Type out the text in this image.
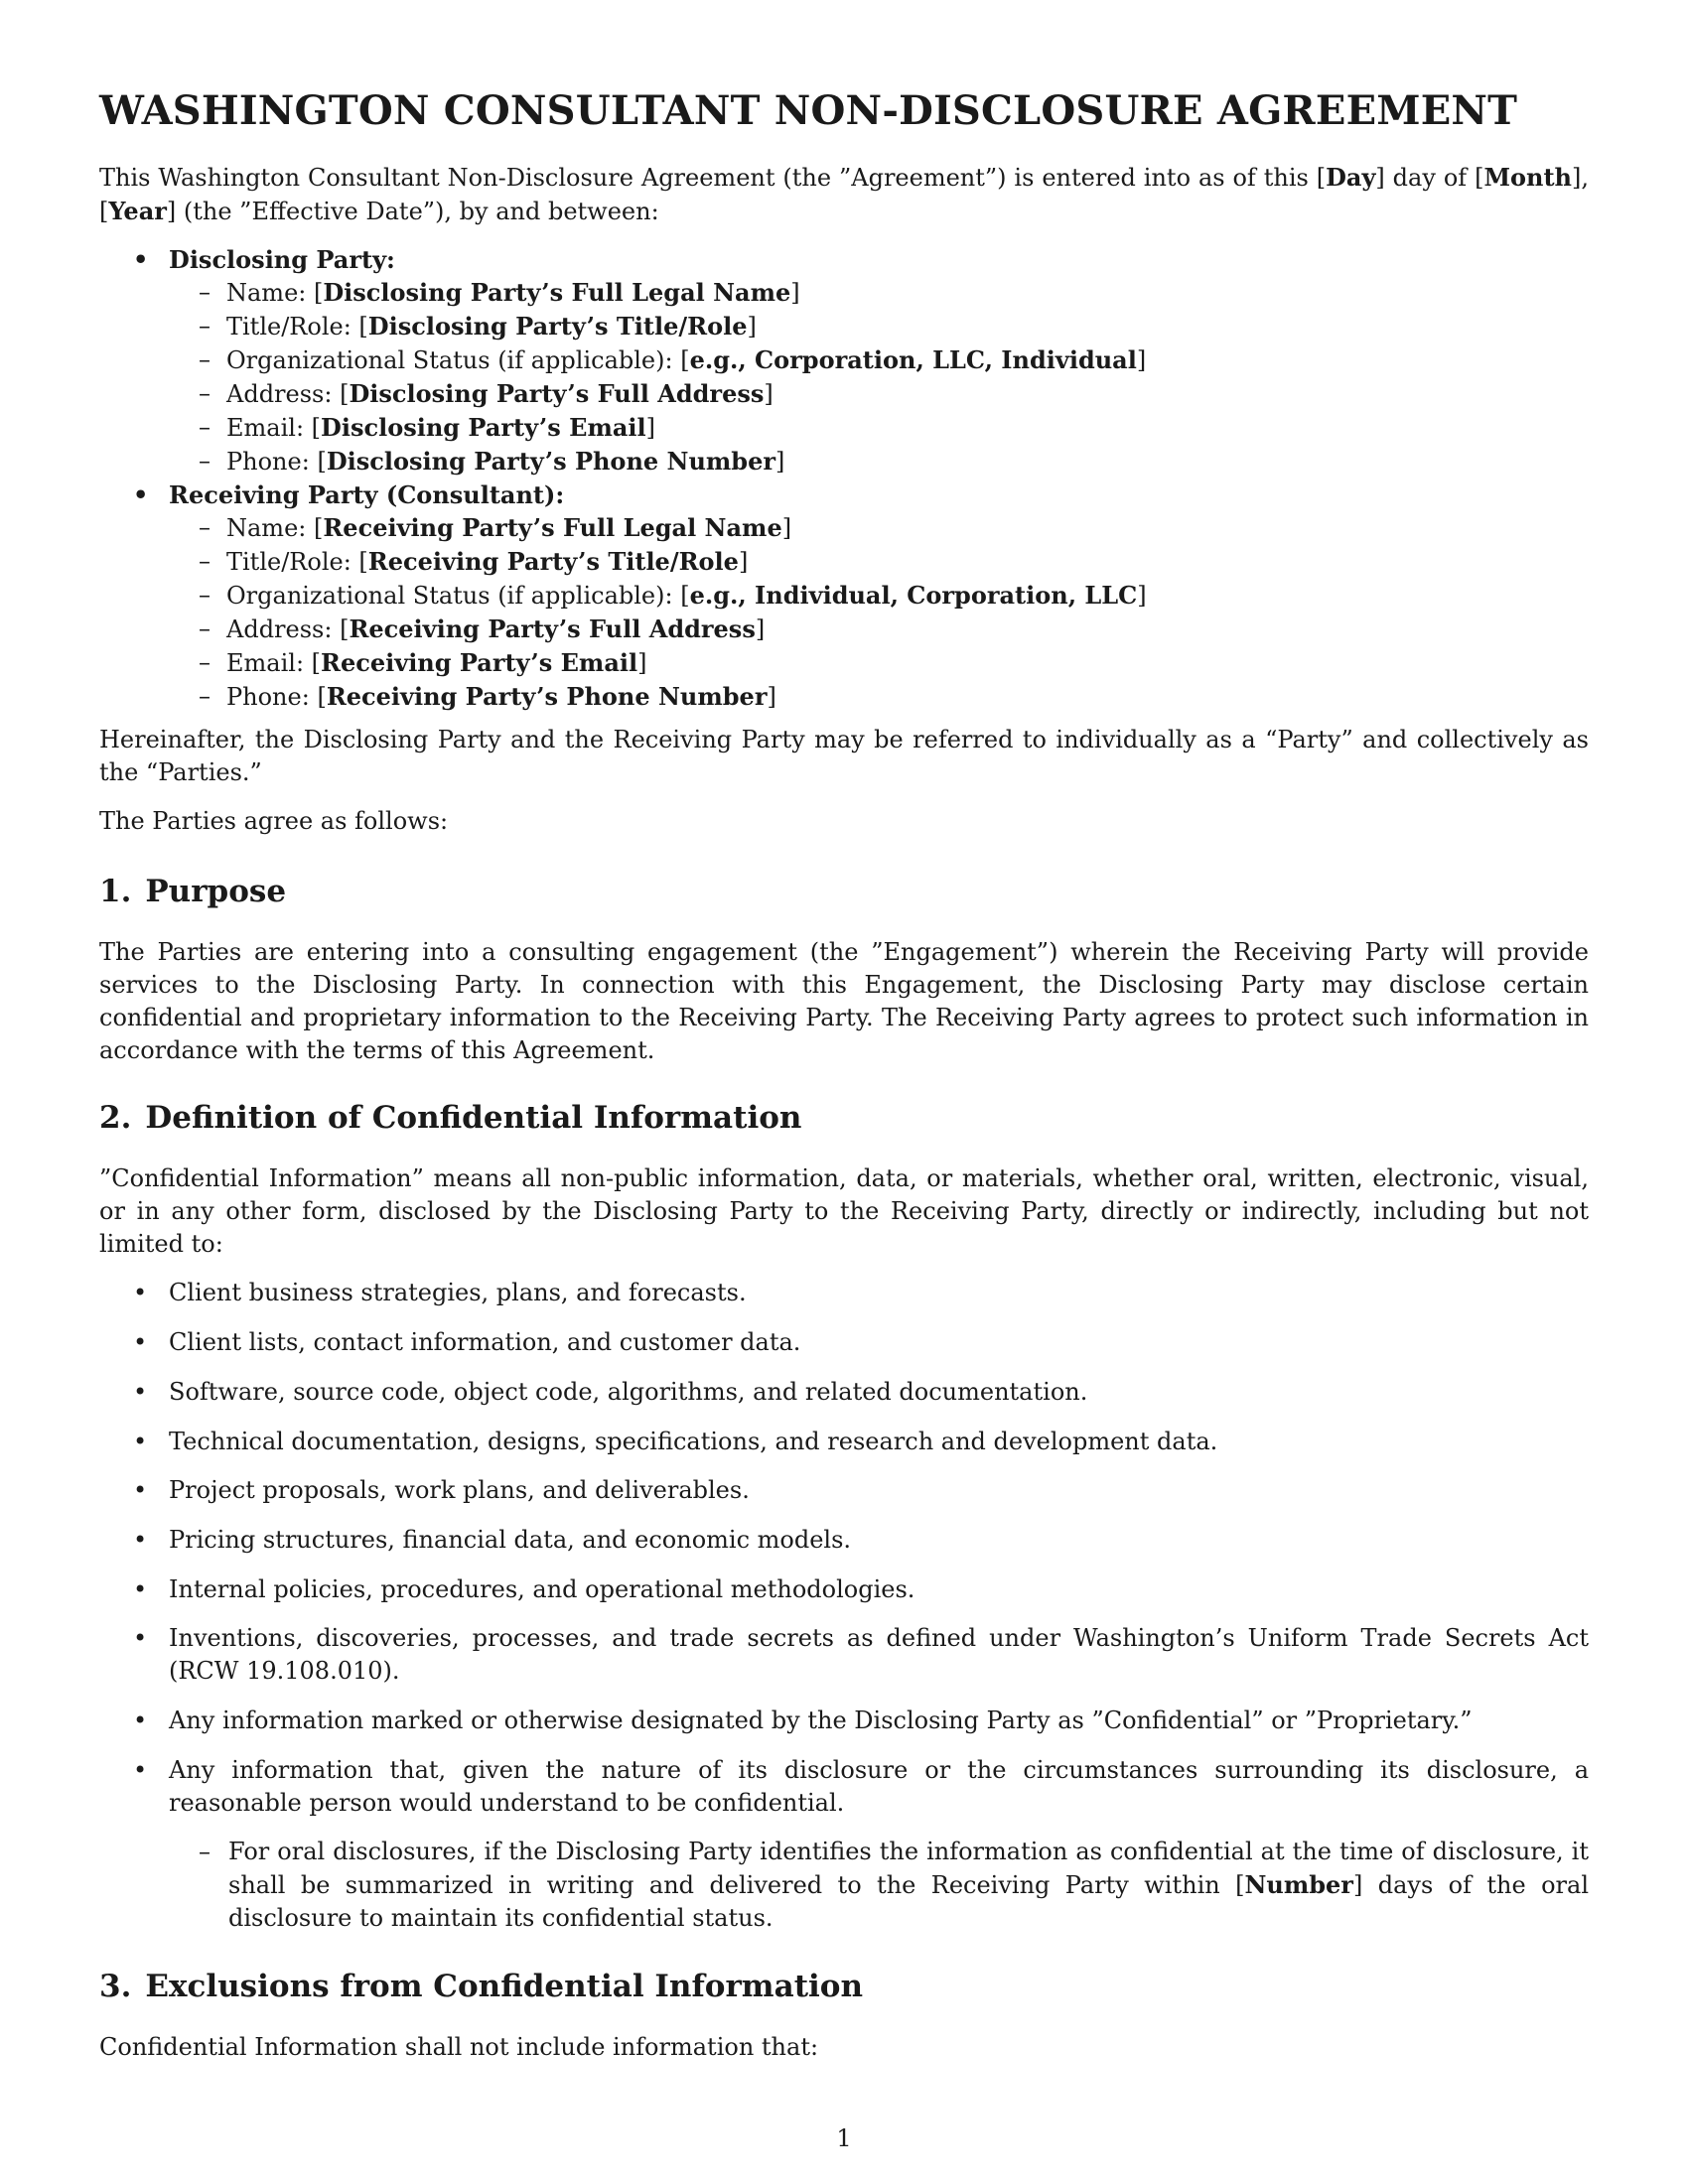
WASHINGTON CONSULTANT NON-DISCLOSURE AGREEMENT

This Washington Consultant Non-Disclosure Agreement (the ”Agreement”) is entered into as of this [Day] day of [Month], [Year] (the ”Effective Date”), by and between:

• Disclosing Party:
– Name: [Disclosing Party’s Full Legal Name]
– Title/Role: [Disclosing Party’s Title/Role]
– Organizational Status (if applicable): [e.g., Corporation, LLC, Individual]
– Address: [Disclosing Party’s Full Address]
– Email: [Disclosing Party’s Email]
– Phone: [Disclosing Party’s Phone Number]
• Receiving Party (Consultant):
– Name: [Receiving Party’s Full Legal Name]
– Title/Role: [Receiving Party’s Title/Role]
– Organizational Status (if applicable): [e.g., Individual, Corporation, LLC]
– Address: [Receiving Party’s Full Address]
– Email: [Receiving Party’s Email]
– Phone: [Receiving Party’s Phone Number]

Hereinafter, the Disclosing Party and the Receiving Party may be referred to individually as a “Party” and collectively as the “Parties.”

The Parties agree as follows:

1. Purpose

The Parties are entering into a consulting engagement (the ”Engagement”) wherein the Receiving Party will provide services to the Disclosing Party. In connection with this Engagement, the Disclosing Party may disclose certain confidential and proprietary information to the Receiving Party. The Receiving Party agrees to protect such information in accordance with the terms of this Agreement.

2. Definition of Confidential Information

”Confidential Information” means all non-public information, data, or materials, whether oral, written, electronic, visual, or in any other form, disclosed by the Disclosing Party to the Receiving Party, directly or indirectly, including but not limited to:

• Client business strategies, plans, and forecasts.
• Client lists, contact information, and customer data.
• Software, source code, object code, algorithms, and related documentation.
• Technical documentation, designs, specifications, and research and development data.
• Project proposals, work plans, and deliverables.
• Pricing structures, financial data, and economic models.
• Internal policies, procedures, and operational methodologies.
• Inventions, discoveries, processes, and trade secrets as defined under Washington’s Uniform Trade Secrets Act (RCW 19.108.010).
• Any information marked or otherwise designated by the Disclosing Party as ”Confidential” or ”Proprietary.”
• Any information that, given the nature of its disclosure or the circumstances surrounding its disclosure, a reasonable person would understand to be confidential.
– For oral disclosures, if the Disclosing Party identifies the information as confidential at the time of disclosure, it shall be summarized in writing and delivered to the Receiving Party within [Number] days of the oral disclosure to maintain its confidential status.
3. Exclusions from Confidential Information

Confidential Information shall not include information that:

1
